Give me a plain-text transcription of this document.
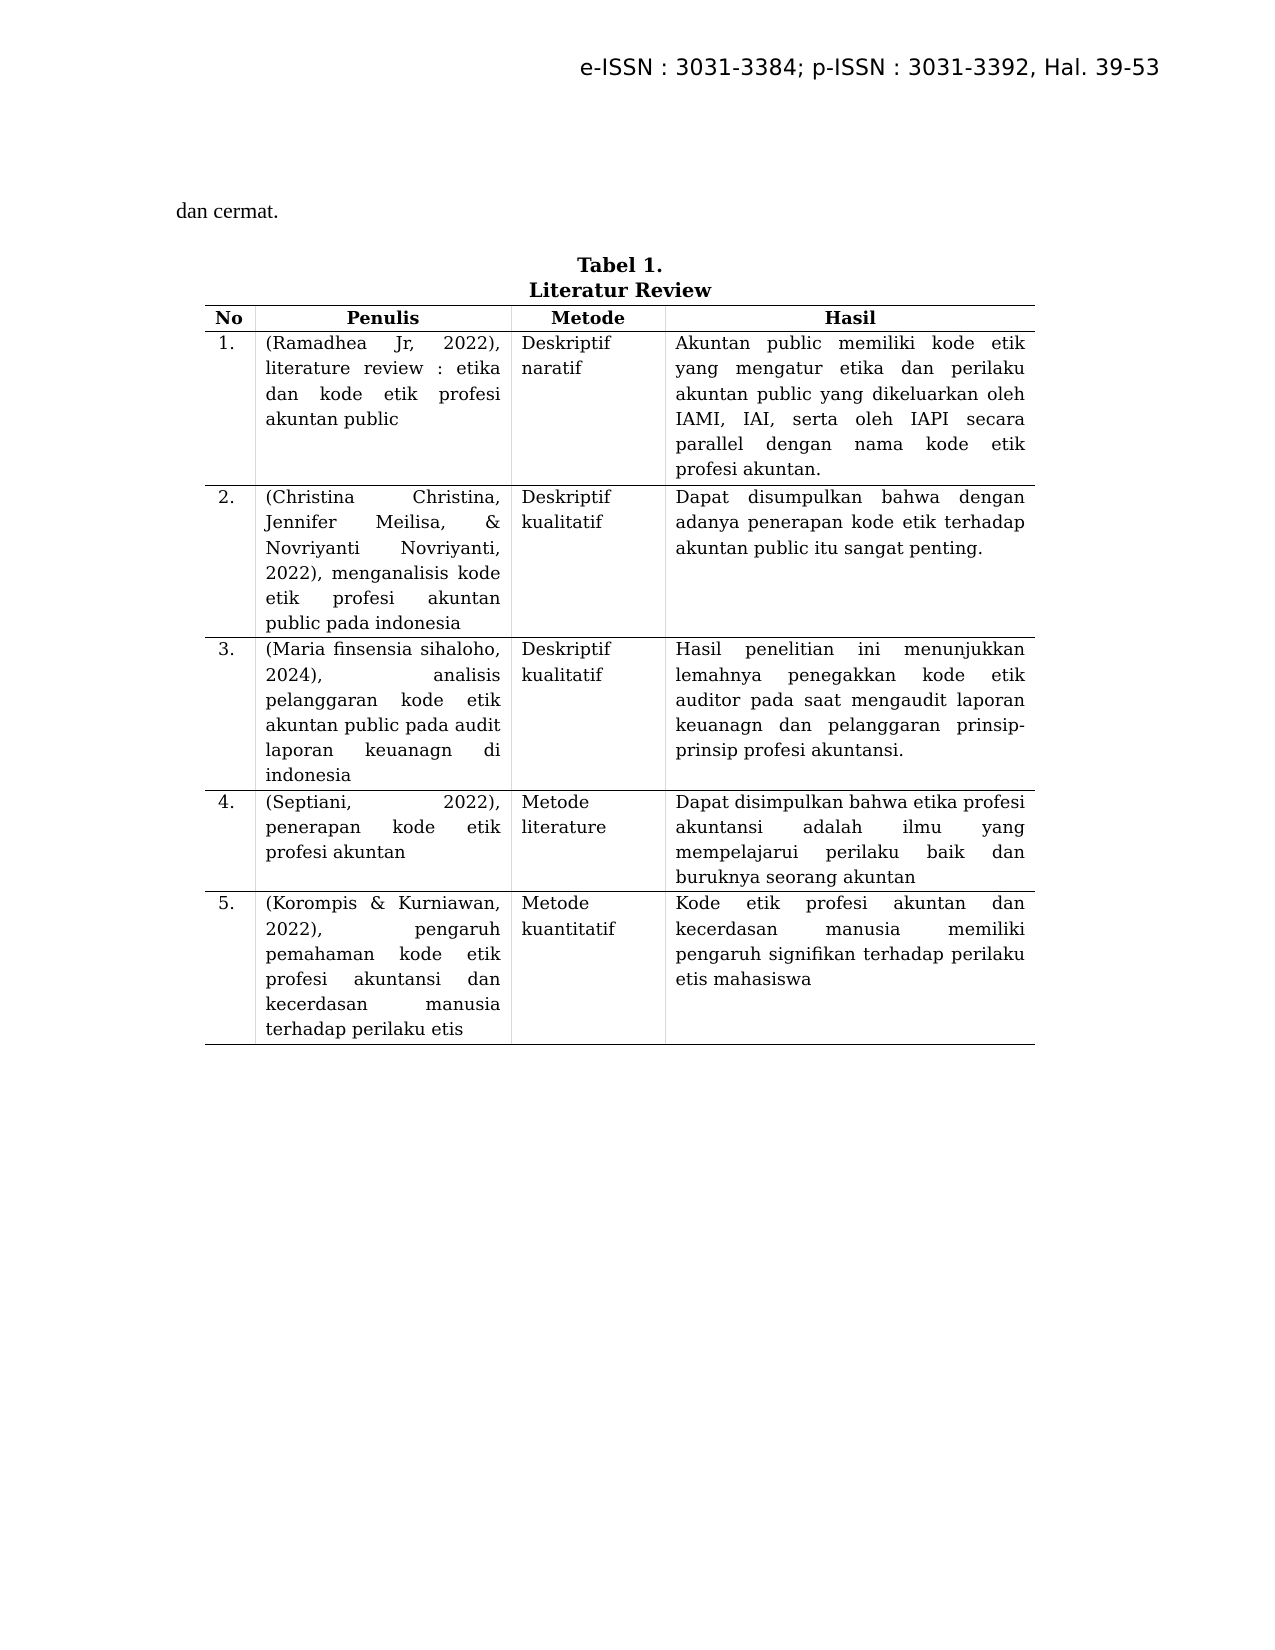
e-ISSN : 3031-3384; p-ISSN : 3031-3392, Hal. 39-53
dan cermat.
Tabel 1.
Literatur Review
No	Penulis	Metode	Hasil
1.	(Ramadhea Jr, 2022), literature review : etika dan kode etik profesi akuntan public	Deskriptif naratif	Akuntan public memiliki kode etik yang mengatur etika dan perilaku akuntan public yang dikeluarkan oleh IAMI, IAI, serta oleh IAPI secara parallel dengan nama kode etik profesi akuntan.
2.	(Christina Christina, Jennifer Meilisa, & Novriyanti Novriyanti, 2022), menganalisis kode etik profesi akuntan public pada indonesia	Deskriptif kualitatif	Dapat disumpulkan bahwa dengan adanya penerapan kode etik terhadap akuntan public itu sangat penting.
3.	(Maria finsensia sihaloho, 2024), analisis pelanggaran kode etik akuntan public pada audit laporan keuanagn di indonesia	Deskriptif kualitatif	Hasil penelitian ini menunjukkan lemahnya penegakkan kode etik auditor pada saat mengaudit laporan keuanagn dan pelanggaran prinsip-prinsip profesi akuntansi.
4.	(Septiani, 2022), penerapan kode etik profesi akuntan	Metode literature	Dapat disimpulkan bahwa etika profesi akuntansi adalah ilmu yang mempelajarui perilaku baik dan buruknya seorang akuntan
5.	(Korompis & Kurniawan, 2022), pengaruh pemahaman kode etik profesi akuntansi dan kecerdasan manusia terhadap perilaku etis	Metode kuantitatif	Kode etik profesi akuntan dan kecerdasan manusia memiliki pengaruh signifikan terhadap perilaku etis mahasiswa
